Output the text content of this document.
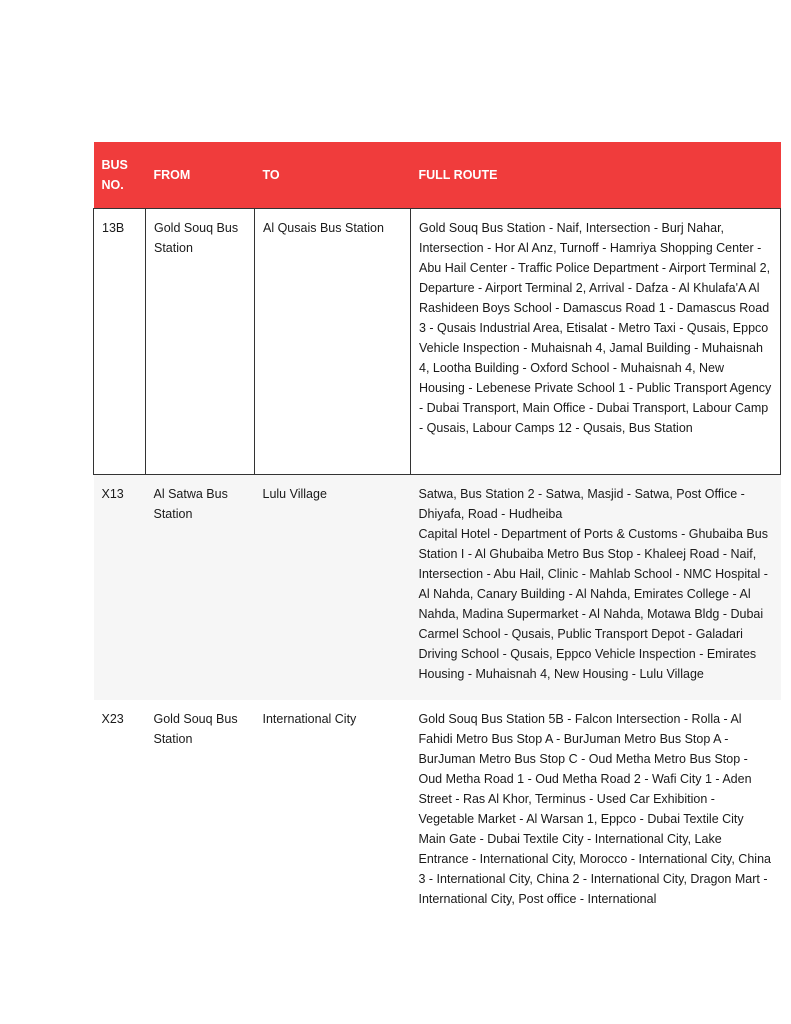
BUS NO.	FROM	TO	FULL ROUTE
13B	Gold Souq Bus Station	Al Qusais Bus Station	Gold Souq Bus Station - Naif, Intersection - Burj Nahar, Intersection - Hor Al Anz, Turnoff - Hamriya Shopping Center - Abu Hail Center - Traffic Police Department - Airport Terminal 2, Departure - Airport Terminal 2, Arrival - Dafza - Al Khulafa'A Al Rashideen Boys School - Damascus Road 1 - Damascus Road 3 - Qusais Industrial Area, Etisalat - Metro Taxi - Qusais, Eppco Vehicle Inspection - Muhaisnah 4, Jamal Building - Muhaisnah 4, Lootha Building - Oxford School - Muhaisnah 4, New Housing - Lebenese Private School 1 - Public Transport Agency - Dubai Transport, Main Office - Dubai Transport, Labour Camp - Qusais, Labour Camps 12 - Qusais, Bus Station
X13	Al Satwa Bus Station	Lulu Village	Satwa, Bus Station 2 - Satwa, Masjid - Satwa, Post Office - Dhiyafa, Road - Hudheiba
Capital Hotel - Department of Ports & Customs - Ghubaiba Bus Station I - Al Ghubaiba Metro Bus Stop - Khaleej Road - Naif, Intersection - Abu Hail, Clinic - Mahlab School - NMC Hospital - Al Nahda, Canary Building - Al Nahda, Emirates College - Al Nahda, Madina Supermarket - Al Nahda, Motawa Bldg - Dubai Carmel School - Qusais, Public Transport Depot - Galadari Driving School - Qusais, Eppco Vehicle Inspection - Emirates Housing - Muhaisnah 4, New Housing - Lulu Village
X23	Gold Souq Bus Station	International City	Gold Souq Bus Station 5B - Falcon Intersection - Rolla - Al Fahidi Metro Bus Stop A - BurJuman Metro Bus Stop A - BurJuman Metro Bus Stop C - Oud Metha Metro Bus Stop - Oud Metha Road 1 - Oud Metha Road 2 - Wafi City 1 - Aden Street - Ras Al Khor, Terminus - Used Car Exhibition - Vegetable Market - Al Warsan 1, Eppco - Dubai Textile City Main Gate - Dubai Textile City - International City, Lake Entrance - International City, Morocco - International City, China 3 - International City, China 2 - International City, Dragon Mart - International City, Post office - International
